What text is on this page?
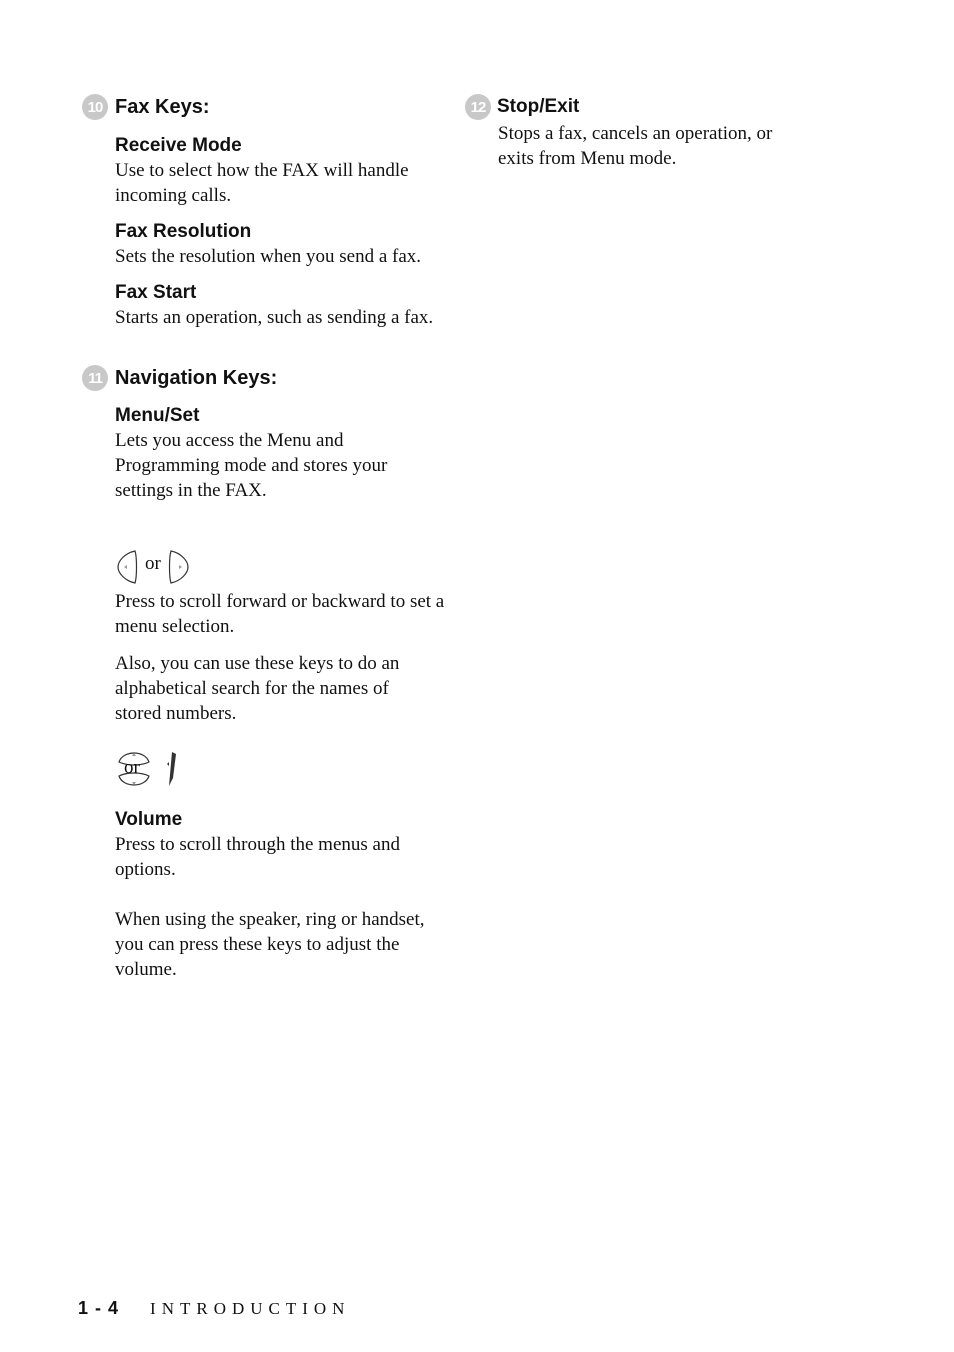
10 Fax Keys:
Receive Mode
Use to select how the FAX will handle incoming calls.
Fax Resolution
Sets the resolution when you send a fax.
Fax Start
Starts an operation, such as sending a fax.
11 Navigation Keys:
Menu/Set
Lets you access the Menu and Programming mode and stores your settings in the FAX.
or
Press to scroll forward or backward to set a menu selection.
Also, you can use these keys to do an alphabetical search for the names of stored numbers.
or
Volume
Press to scroll through the menus and options.
When using the speaker, ring or handset, you can press these keys to adjust the volume.
12 Stop/Exit
Stops a fax, cancels an operation, or exits from Menu mode.
1 - 4 INTRODUCTION
